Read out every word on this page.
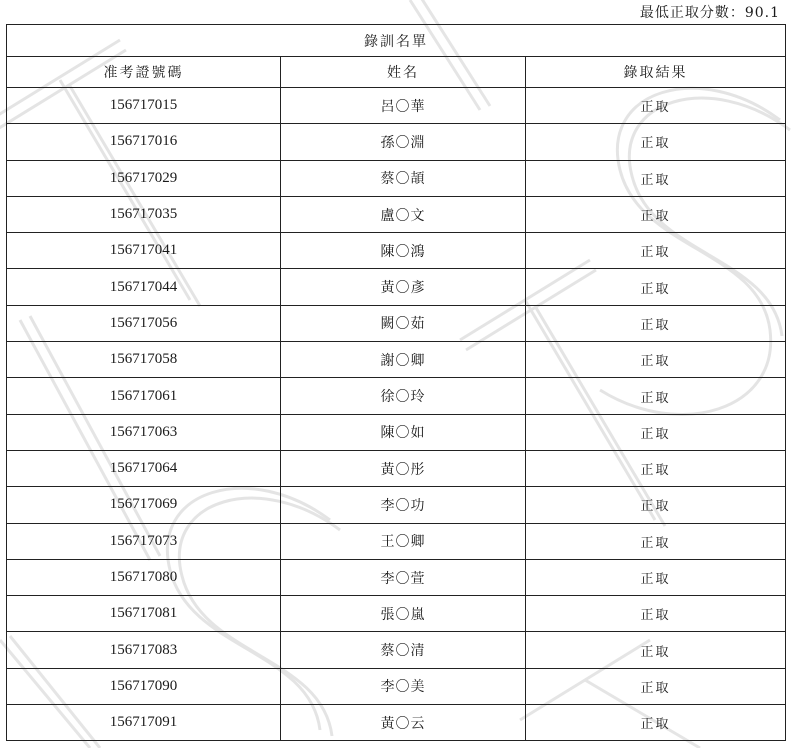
最低正取分數：90.1
錄訓名單		
准考證號碼	姓名	錄取結果
156717015	呂〇華	正取
156717016	孫〇淵	正取
156717029	蔡〇頡	正取
156717035	盧〇文	正取
156717041	陳〇鴻	正取
156717044	黃〇彥	正取
156717056	闕〇茹	正取
156717058	謝〇卿	正取
156717061	徐〇玲	正取
156717063	陳〇如	正取
156717064	黃〇彤	正取
156717069	李〇功	正取
156717073	王〇卿	正取
156717080	李〇萱	正取
156717081	張〇嵐	正取
156717083	蔡〇清	正取
156717090	李〇美	正取
156717091	黃〇云	正取
